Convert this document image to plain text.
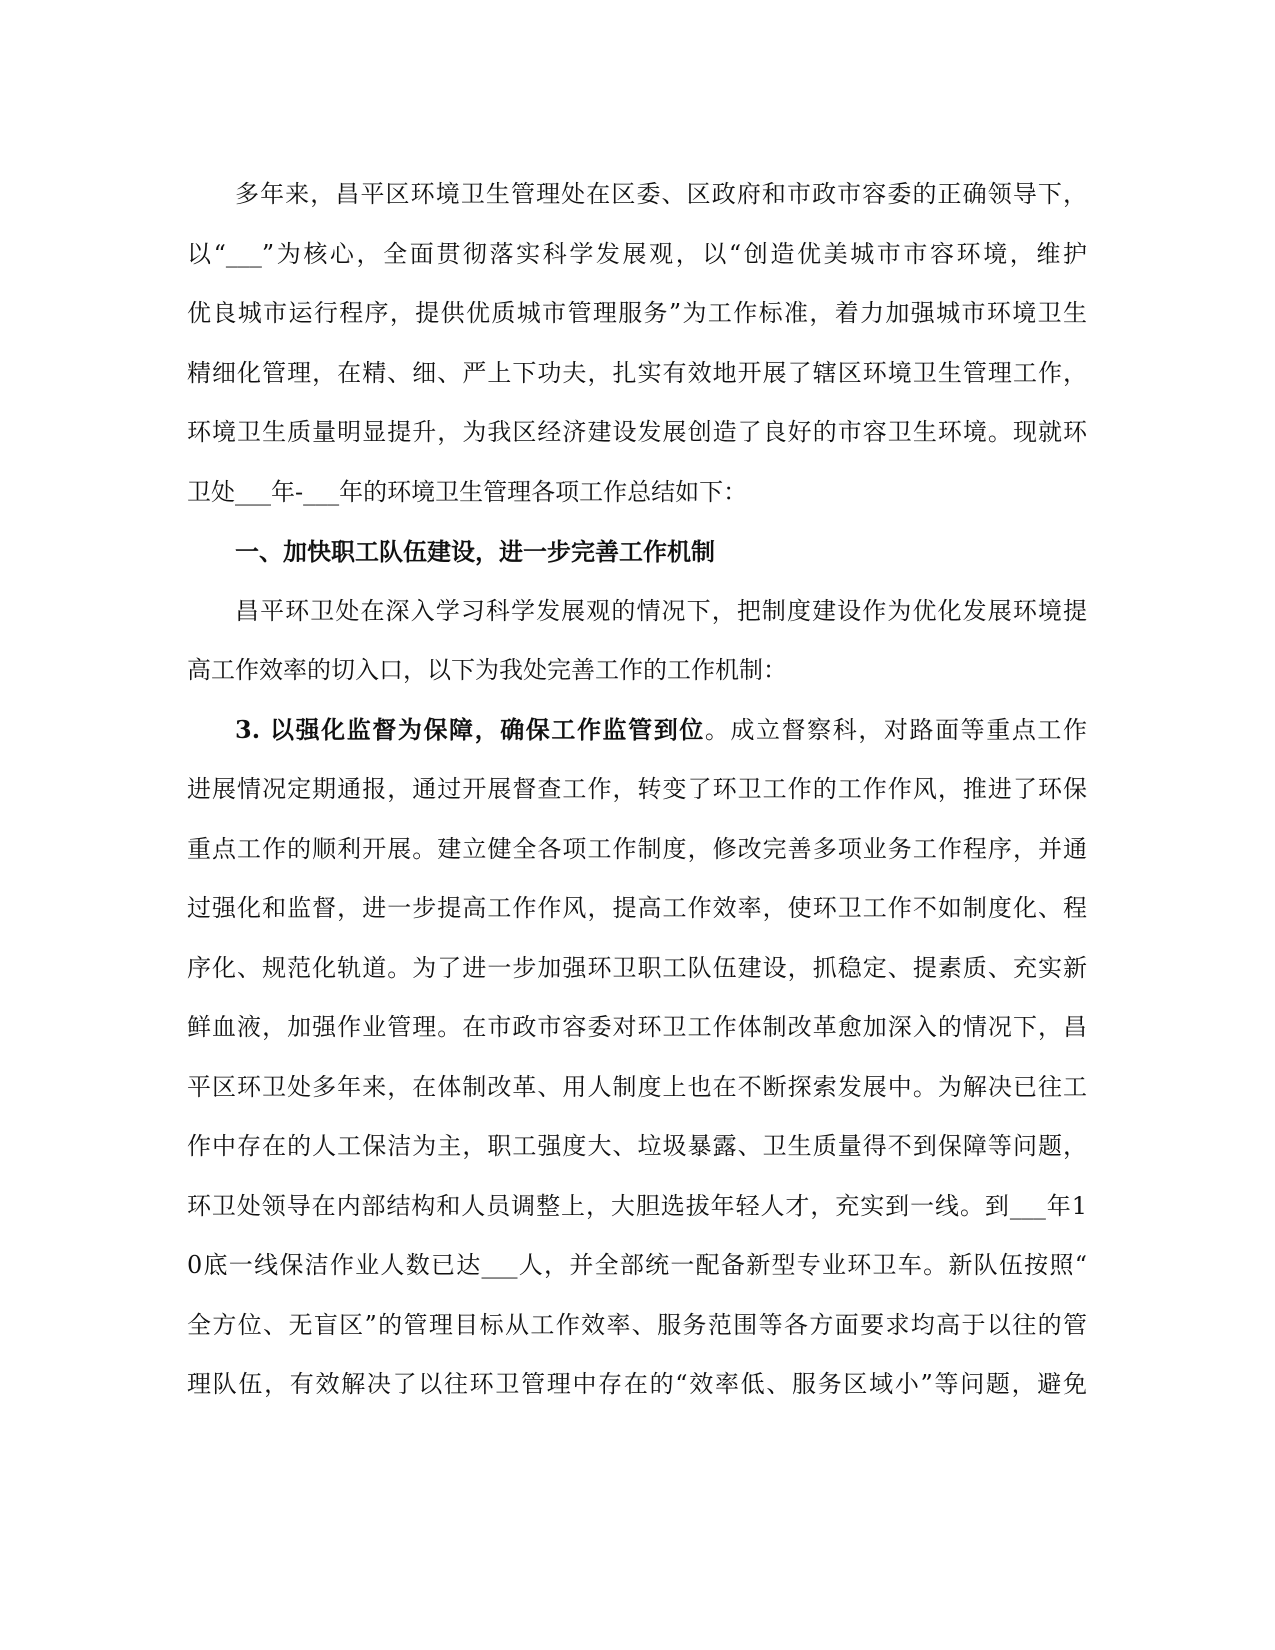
多年来，昌平区环境卫生管理处在区委、区政府和市政市容委的正确领导下，
以“___”为核心，全面贯彻落实科学发展观，以“创造优美城市市容环境，维护
优良城市运行程序，提供优质城市管理服务”为工作标准，着力加强城市环境卫生
精细化管理，在精、细、严上下功夫，扎实有效地开展了辖区环境卫生管理工作，
环境卫生质量明显提升，为我区经济建设发展创造了良好的市容卫生环境。现就环
卫处___年-___年的环境卫生管理各项工作总结如下：
一、加快职工队伍建设，进一步完善工作机制
昌平环卫处在深入学习科学发展观的情况下，把制度建设作为优化发展环境提
高工作效率的切入口，以下为我处完善工作的工作机制：
3. 以强化监督为保障，确保工作监管到位。成立督察科，对路面等重点工作
进展情况定期通报，通过开展督查工作，转变了环卫工作的工作作风，推进了环保
重点工作的顺利开展。建立健全各项工作制度，修改完善多项业务工作程序，并通
过强化和监督，进一步提高工作作风，提高工作效率，使环卫工作不如制度化、程
序化、规范化轨道。为了进一步加强环卫职工队伍建设，抓稳定、提素质、充实新
鲜血液，加强作业管理。在市政市容委对环卫工作体制改革愈加深入的情况下，昌
平区环卫处多年来，在体制改革、用人制度上也在不断探索发展中。为解决已往工
作中存在的人工保洁为主，职工强度大、垃圾暴露、卫生质量得不到保障等问题，
环卫处领导在内部结构和人员调整上，大胆选拔年轻人才，充实到一线。到___年1
0底一线保洁作业人数已达___人，并全部统一配备新型专业环卫车。新队伍按照“
全方位、无盲区”的管理目标从工作效率、服务范围等各方面要求均高于以往的管
理队伍，有效解决了以往环卫管理中存在的“效率低、服务区域小”等问题，避免
